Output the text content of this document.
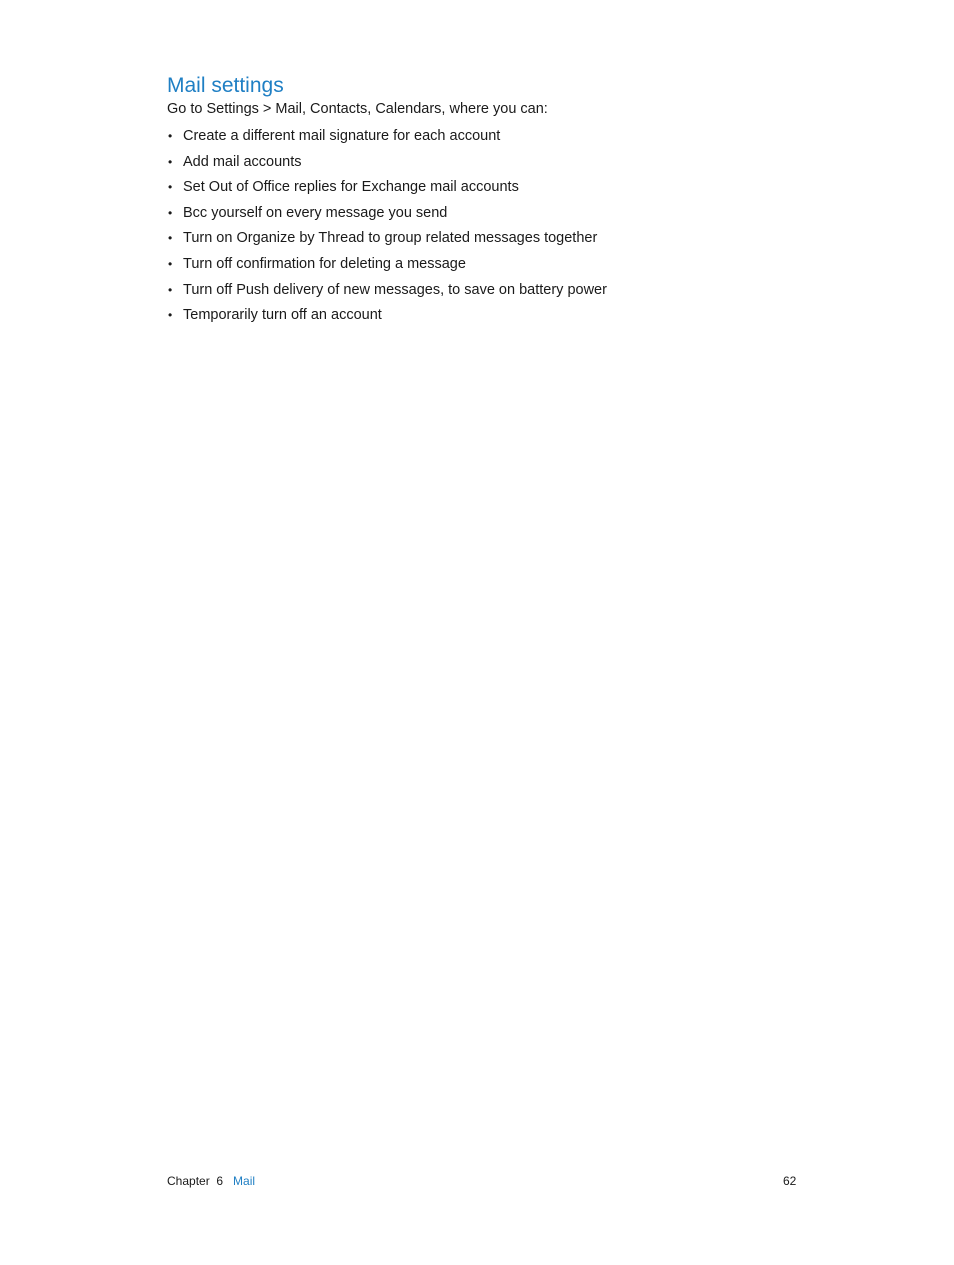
Mail settings

Go to Settings > Mail, Contacts, Calendars, where you can:

• Create a different mail signature for each account
• Add mail accounts
• Set Out of Office replies for Exchange mail accounts
• Bcc yourself on every message you send
• Turn on Organize by Thread to group related messages together
• Turn off confirmation for deleting a message
• Turn off Push delivery of new messages, to save on battery power
• Temporarily turn off an account
Chapter  6 Mail	62
